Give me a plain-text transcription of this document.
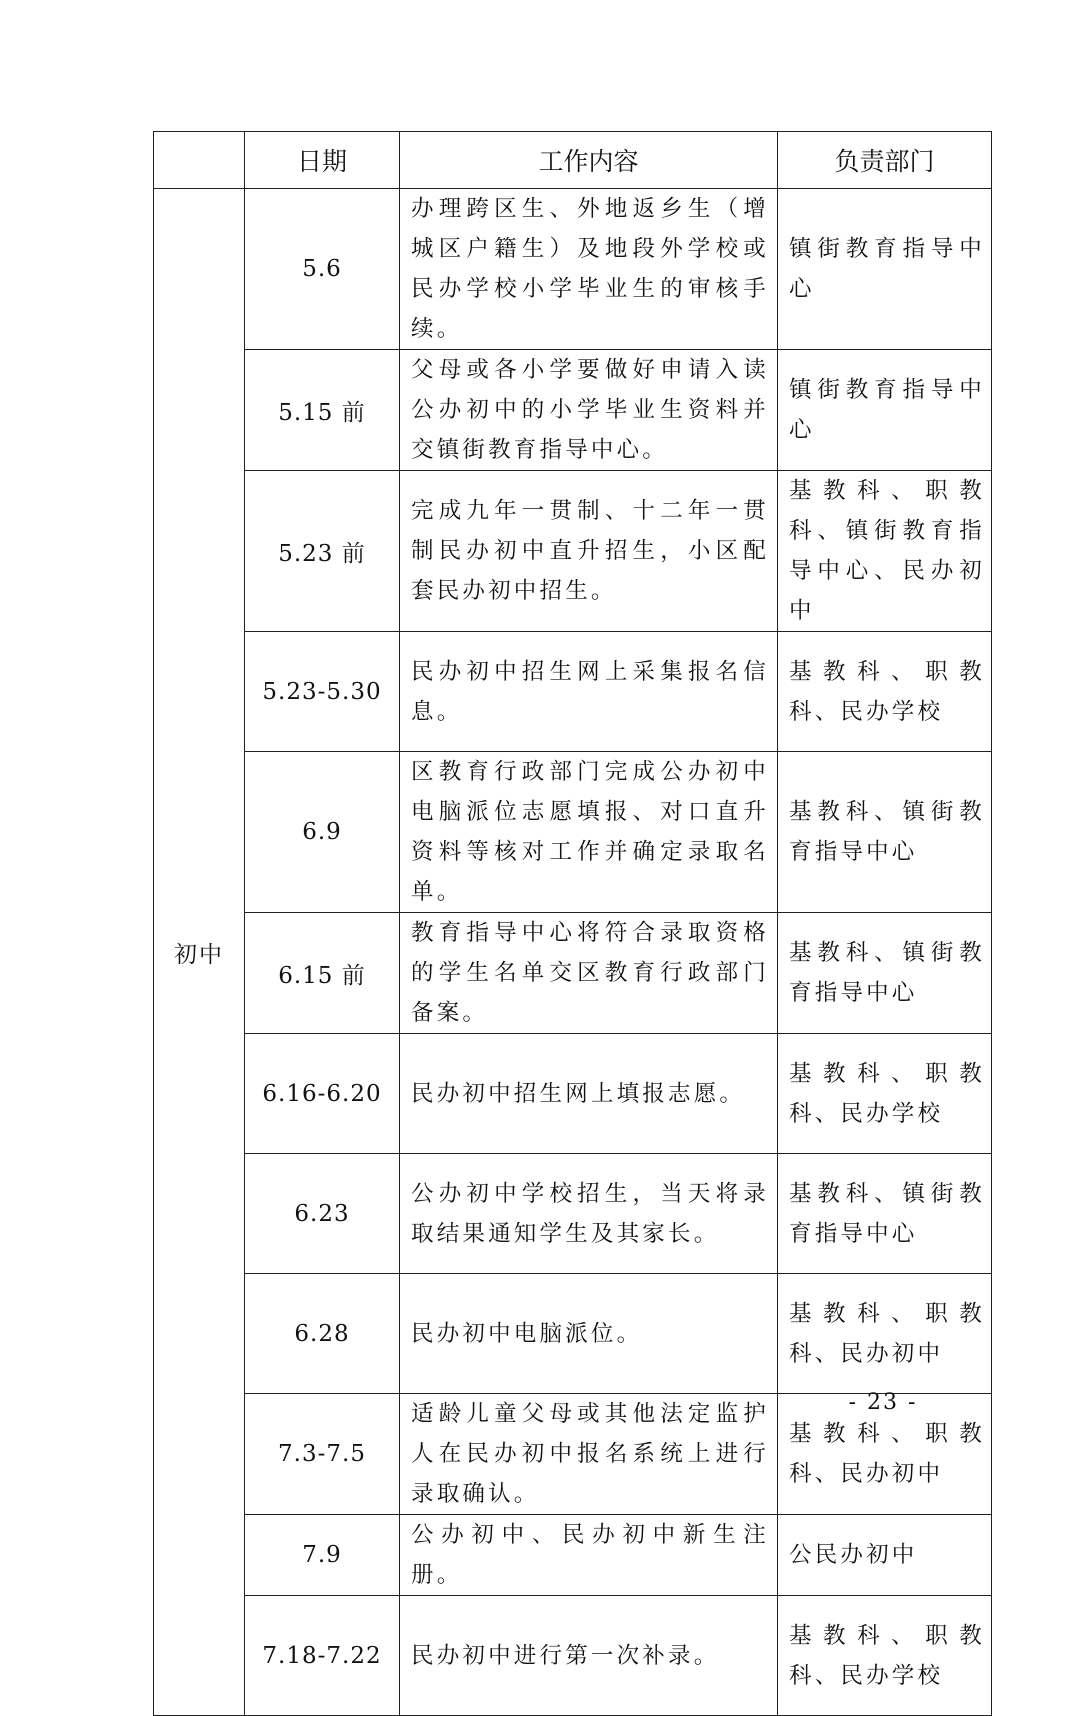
	日期	工作内容	负责部门
初中	5.6	办理跨区生、外地返乡生（增城区户籍生）及地段外学校或民办学校小学毕业生的审核手续。	镇街教育指导中心
	5.15 前	父母或各小学要做好申请入读公办初中的小学毕业生资料并交镇街教育指导中心。	镇街教育指导中心
	5.23 前	完成九年一贯制、十二年一贯制民办初中直升招生，小区配套民办初中招生。	基教科、职教科、镇街教育指导中心、民办初中
	5.23-5.30	民办初中招生网上采集报名信息。	基教科、职教科、民办学校
	6.9	区教育行政部门完成公办初中电脑派位志愿填报、对口直升资料等核对工作并确定录取名单。	基教科、镇街教育指导中心
	6.15 前	教育指导中心将符合录取资格的学生名单交区教育行政部门备案。	基教科、镇街教育指导中心
	6.16-6.20	民办初中招生网上填报志愿。	基教科、职教科、民办学校
	6.23	公办初中学校招生，当天将录取结果通知学生及其家长。	基教科、镇街教育指导中心
	6.28	民办初中电脑派位。	基教科、职教科、民办初中
	7.3-7.5	适龄儿童父母或其他法定监护人在民办初中报名系统上进行录取确认。	基教科、职教科、民办初中
	7.9	公办初中、民办初中新生注册。	公民办初中
	7.18-7.22	民办初中进行第一次补录。	基教科、职教科、民办学校
- 23 -
